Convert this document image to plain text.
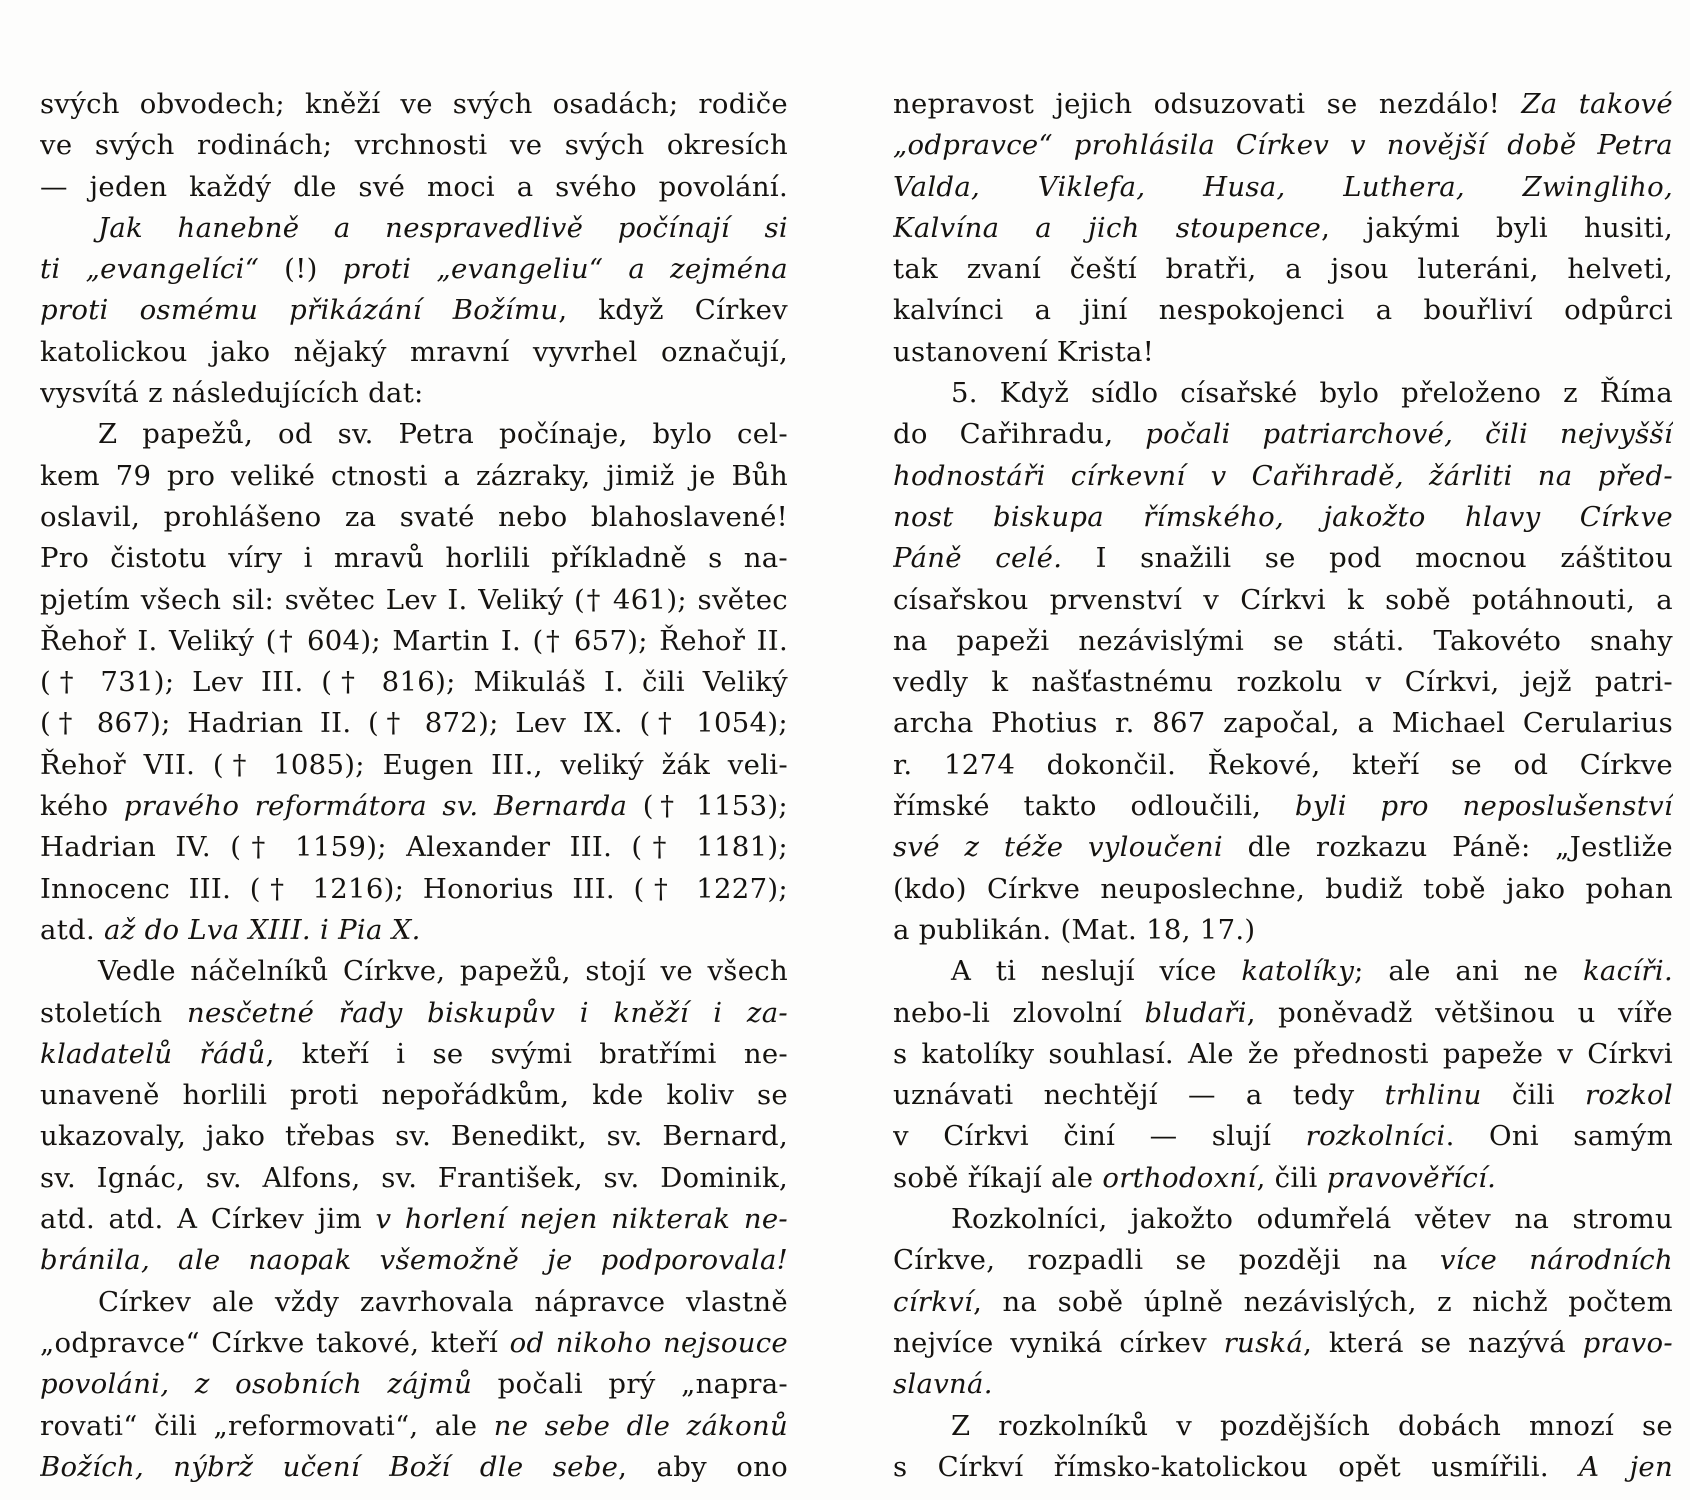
svých obvodech; kněží ve svých osadách; rodiče
ve svých rodinách; vrchnosti ve svých okresích
— jeden každý dle své moci a svého povolání.
Jak hanebně a nespravedlivě počínají si
ti „evangelíci“ (!) proti „evangeliu“ a zejména
proti osmému přikázání Božímu, když Církev
katolickou jako nějaký mravní vyvrhel označují,
vysvítá z následujících dat:
Z papežů, od sv. Petra počínaje, bylo cel-
kem 79 pro veliké ctnosti a zázraky, jimiž je Bůh
oslavil, prohlášeno za svaté nebo blahoslavené!
Pro čistotu víry i mravů horlili příkladně s na-
pjetím všech sil: světec Lev I. Veliký († 461); světec
Řehoř I. Veliký († 604); Martin I. († 657); Řehoř II.
(† 731); Lev III. († 816); Mikuláš I. čili Veliký
(† 867); Hadrian II. († 872); Lev IX. († 1054);
Řehoř VII. († 1085); Eugen III., veliký žák veli-
kého pravého reformátora sv. Bernarda († 1153);
Hadrian IV. († 1159); Alexander III. († 1181);
Innocenc III. († 1216); Honorius III. († 1227);
atd. až do Lva XIII. i Pia X.
Vedle náčelníků Církve, papežů, stojí ve všech
stoletích nesčetné řady biskupův i kněží i za-
kladatelů řádů, kteří i se svými bratřími ne-
unaveně horlili proti nepořádkům, kde koliv se
ukazovaly, jako třebas sv. Benedikt, sv. Bernard,
sv. Ignác, sv. Alfons, sv. František, sv. Dominik,
atd. atd. A Církev jim v horlení nejen nikterak ne-
bránila, ale naopak všemožně je podporovala!
Církev ale vždy zavrhovala nápravce vlastně
„odpravce“ Církve takové, kteří od nikoho nejsouce
povoláni, z osobních zájmů počali prý „napra-
rovati“ čili „reformovati“, ale ne sebe dle zákonů
Božích, nýbrž učení Boží dle sebe, aby ono
nepravost jejich odsuzovati se nezdálo! Za takové
„odpravce“ prohlásila Církev v novější době Petra
Valda, Viklefa, Husa, Luthera, Zwingliho,
Kalvína a jich stoupence, jakými byli husiti,
tak zvaní čeští bratři, a jsou luteráni, helveti,
kalvínci a jiní nespokojenci a bouřliví odpůrci
ustanovení Krista!
5. Když sídlo císařské bylo přeloženo z Říma
do Cařihradu, počali patriarchové, čili nejvyšší
hodnostáři církevní v Cařihradě, žárliti na před-
nost biskupa římského, jakožto hlavy Církve
Páně celé. I snažili se pod mocnou záštitou
císařskou prvenství v Církvi k sobě potáhnouti, a
na papeži nezávislými se státi. Takovéto snahy
vedly k našťastnému rozkolu v Církvi, jejž patri-
archa Photius r. 867 započal, a Michael Cerularius
r. 1274 dokončil. Řekové, kteří se od Církve
římské takto odloučili, byli pro neposlušenství
své z téže vyloučeni dle rozkazu Páně: „Jestliže
(kdo) Církve neuposlechne, budiž tobě jako pohan
a publikán. (Mat. 18, 17.)
A ti neslují více katolíky; ale ani ne kacíři.
nebo-li zlovolní bludaři, poněvadž většinou u víře
s katolíky souhlasí. Ale že přednosti papeže v Církvi
uznávati nechtějí — a tedy trhlinu čili rozkol
v Církvi činí — slují rozkolníci. Oni samým
sobě říkají ale orthodoxní, čili pravověřící.
Rozkolníci, jakožto odumřelá větev na stromu
Církve, rozpadli se později na více národních
církví, na sobě úplně nezávislých, z nichž počtem
nejvíce vyniká církev ruská, která se nazývá pravo-
slavná.
Z rozkolníků v pozdějších dobách mnozí se
s Církví římsko-katolickou opět usmířili. A jen
